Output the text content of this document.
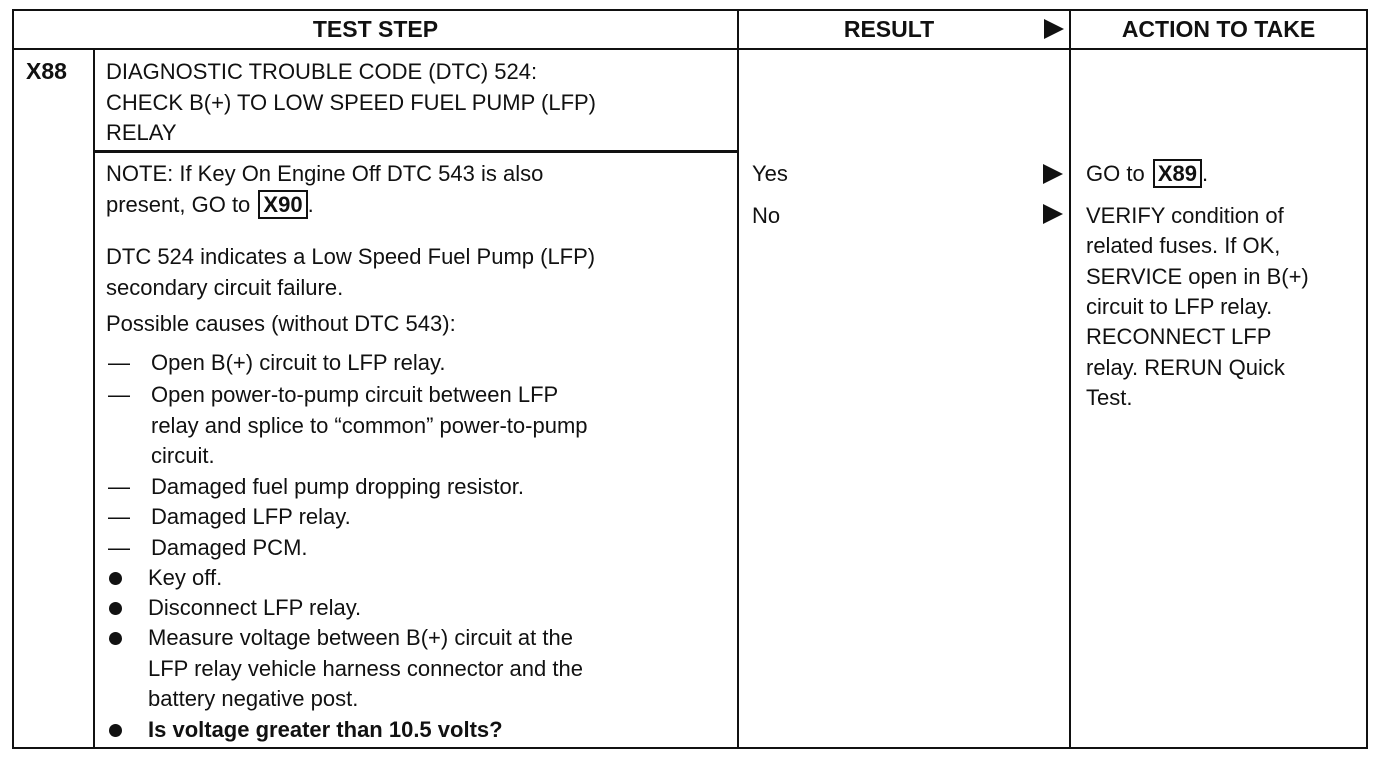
TEST STEP	RESULT	ACTION TO TAKE
X88 DIAGNOSTIC TROUBLE CODE (DTC) 524:
CHECK B(+) TO LOW SPEED FUEL PUMP (LFP)
RELAY
NOTE: If Key On Engine Off DTC 543 is also
present, GO to X90 .
DTC 524 indicates a Low Speed Fuel Pump (LFP)
secondary circuit failure.
Possible causes (without DTC 543):
— Open B(+) circuit to LFP relay.
— Open power-to-pump circuit between LFP
relay and splice to “common” power-to-pump
circuit.
— Damaged fuel pump dropping resistor.
— Damaged LFP relay.
— Damaged PCM.
Key off.
Disconnect LFP relay.
Measure voltage between B(+) circuit at the
LFP relay vehicle harness connector and the
battery negative post.
Is voltage greater than 10.5 volts?
Yes
No
GO to X89 .
VERIFY condition of
related fuses. If OK,
SERVICE open in B(+)
circuit to LFP relay.
RECONNECT LFP
relay. RERUN Quick
Test.
